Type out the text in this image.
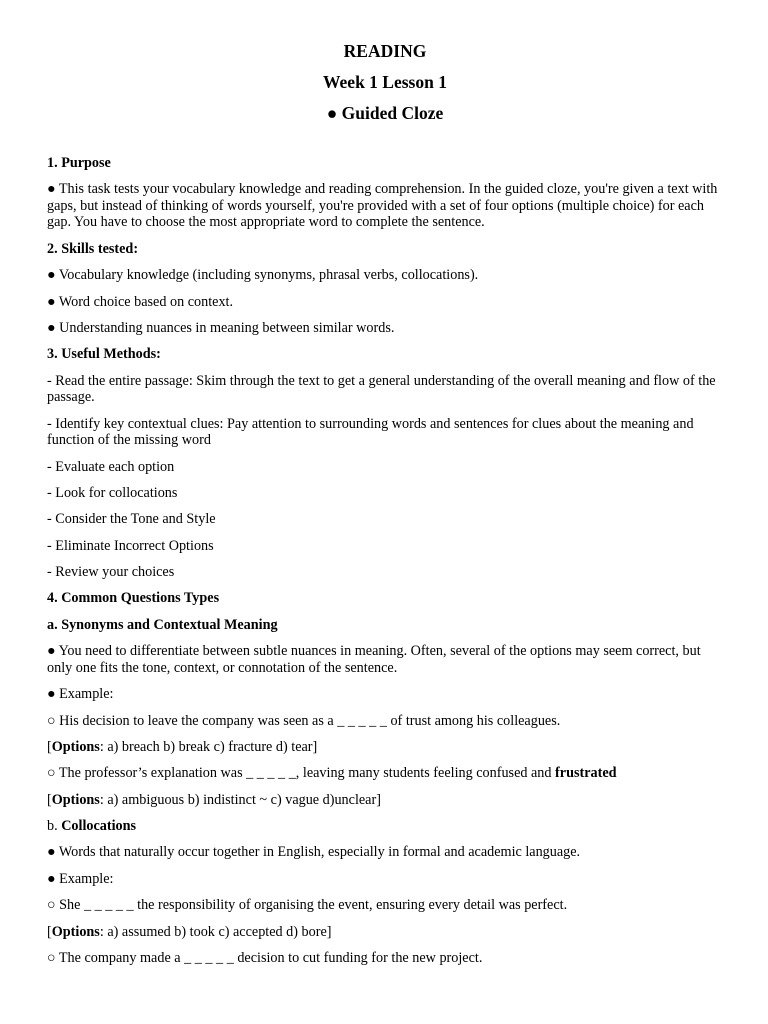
READING
Week 1 Lesson 1
● Guided Cloze

1. Purpose

● This task tests your vocabulary knowledge and reading comprehension. In the guided cloze, you're given a text with gaps, but instead of thinking of words yourself, you're provided with a set of four options (multiple choice) for each gap. You have to choose the most appropriate word to complete the sentence.

2. Skills tested:

● Vocabulary knowledge (including synonyms, phrasal verbs, collocations).

● Word choice based on context.

● Understanding nuances in meaning between similar words.

3. Useful Methods:

- Read the entire passage: Skim through the text to get a general understanding of the overall meaning and flow of the passage.

- Identify key contextual clues: Pay attention to surrounding words and sentences for clues about the meaning and function of the missing word

- Evaluate each option

- Look for collocations

- Consider the Tone and Style

- Eliminate Incorrect Options

- Review your choices

4. Common Questions Types

a. Synonyms and Contextual Meaning

● You need to differentiate between subtle nuances in meaning. Often, several of the options may seem correct, but only one fits the tone, context, or connotation of the sentence.

● Example:

○ His decision to leave the company was seen as a _ _ _ _ _ of trust among his colleagues.

[Options: a) breach b) break c) fracture d) tear]

○ The professor’s explanation was _ _ _ _ _, leaving many students feeling confused and frustrated

[Options: a) ambiguous b) indistinct ~ c) vague d)unclear]

b. Collocations

● Words that naturally occur together in English, especially in formal and academic language.

● Example:

○ She _ _ _ _ _ the responsibility of organising the event, ensuring every detail was perfect.

[Options: a) assumed b) took c) accepted d) bore]

○ The company made a _ _ _ _ _ decision to cut funding for the new project.
